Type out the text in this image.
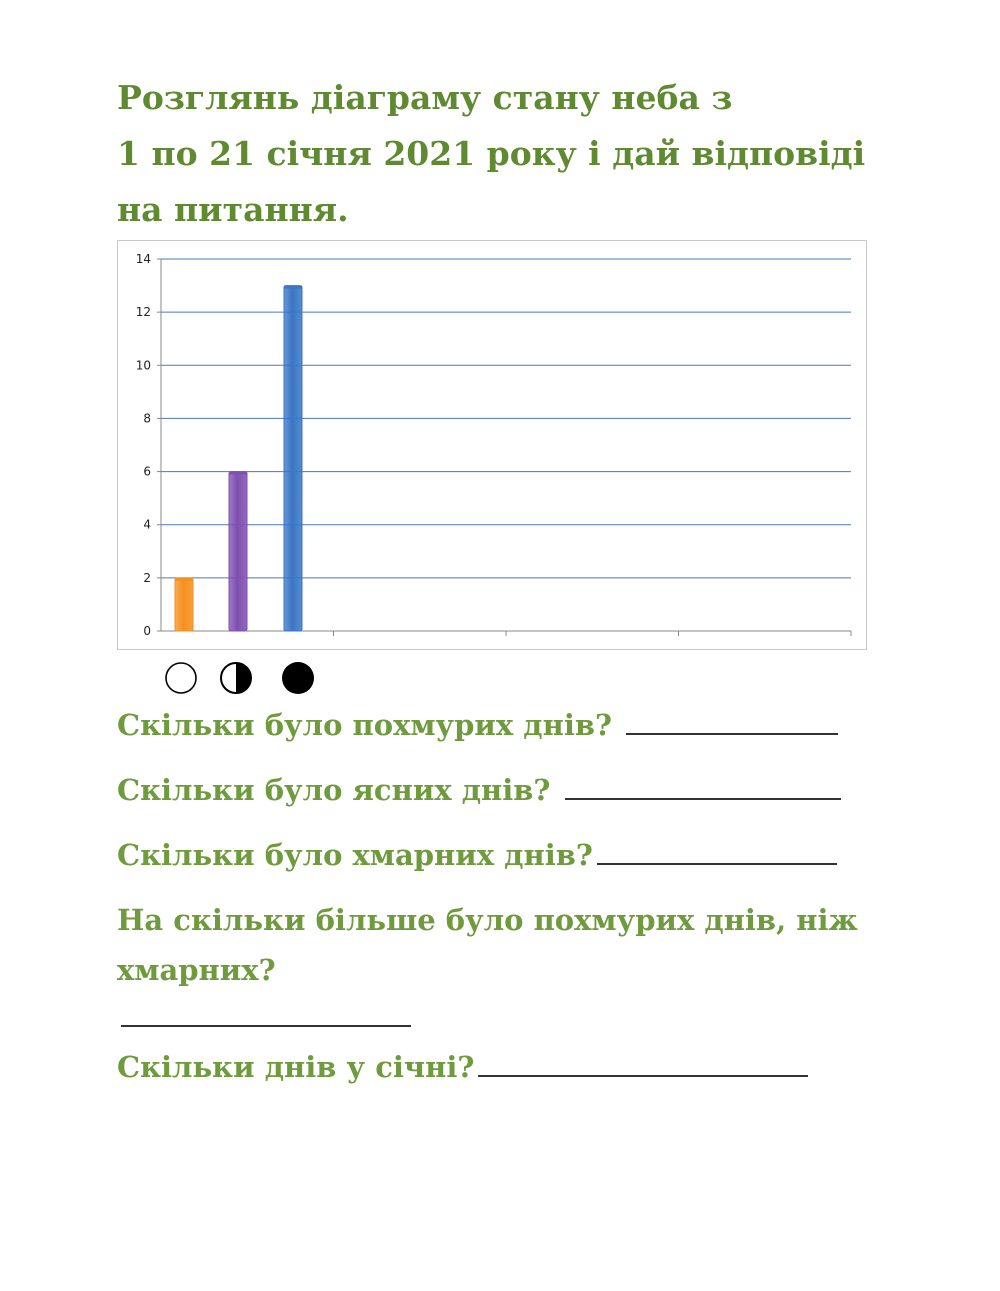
Розглянь діаграму стану неба з
1 по 21 січня 2021 року і дай відповіді
на питання.
0
2
4
6
8
10
12
14

Скільки було похмурих днів?

Скільки було ясних днів?

Скільки було хмарних днів?

На скільки більше було похмурих днів, ніж
хмарних?

Скільки днів у січні?
